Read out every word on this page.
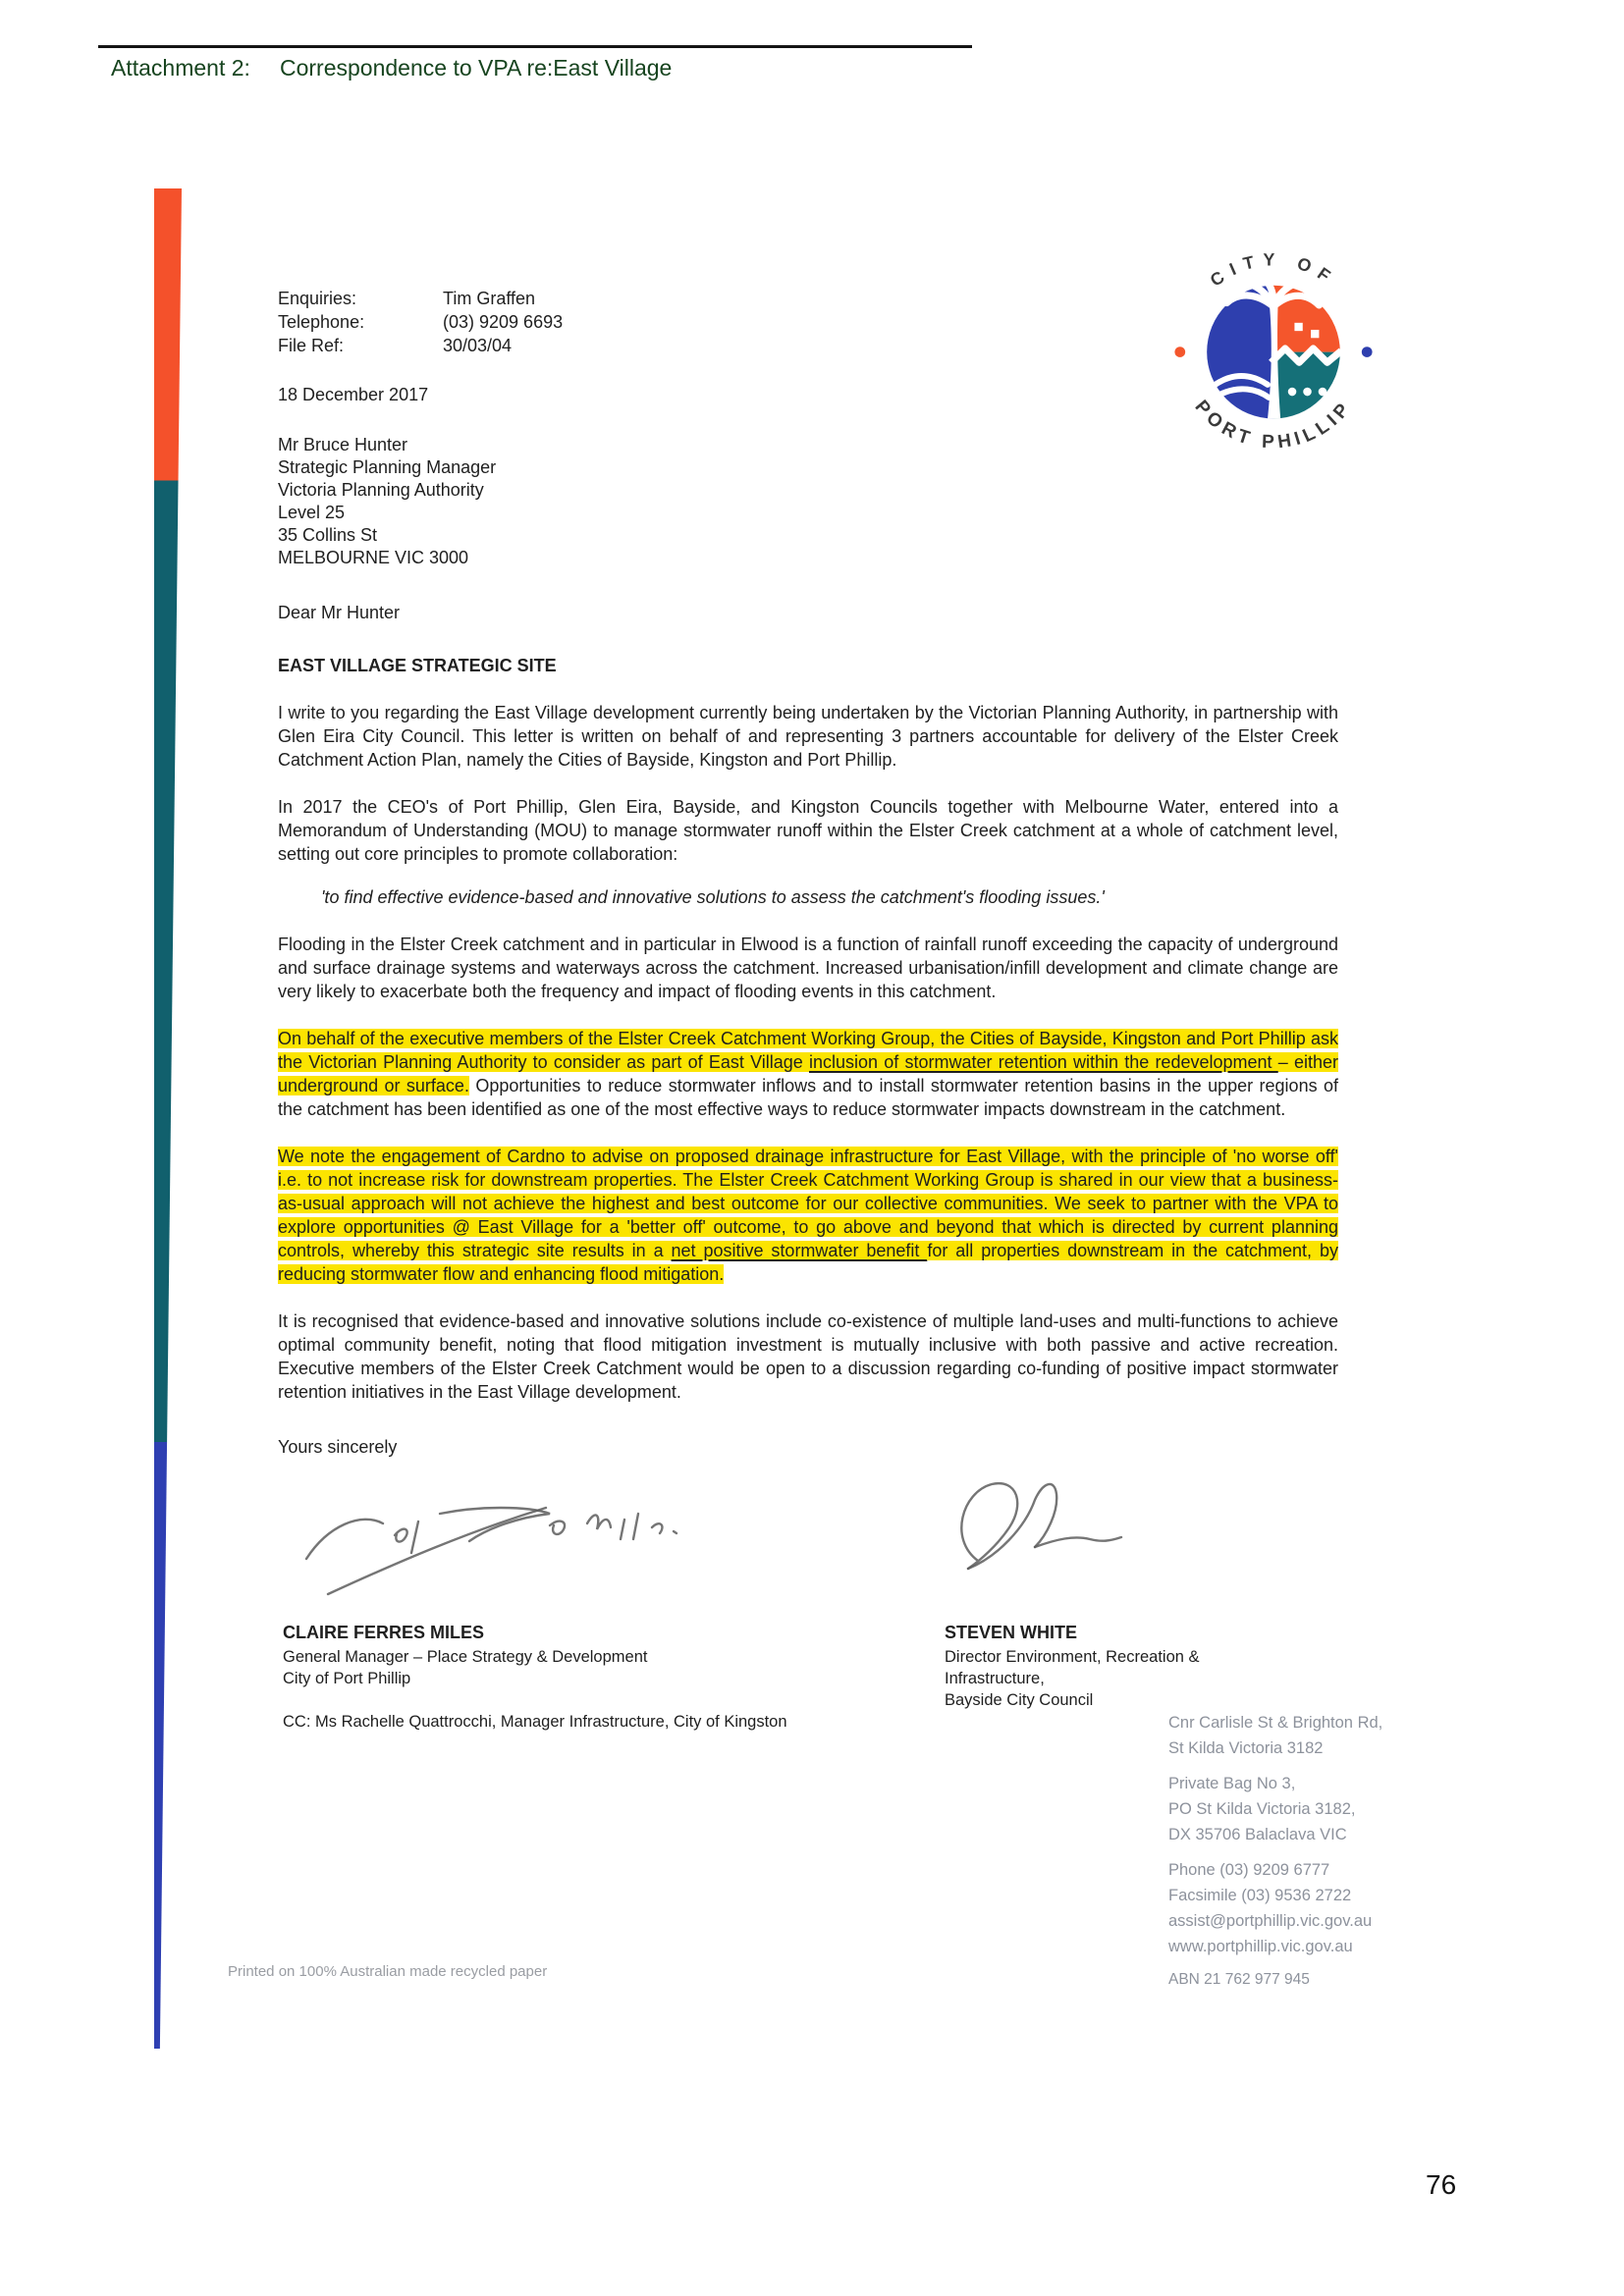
Attachment 2: Correspondence to VPA re:East Village
CITY OF
PORT PHILLIP
Enquiries:	Tim Graffen
Telephone:	(03) 9209 6693
File Ref:	30/03/04
18 December 2017
Mr Bruce Hunter
Strategic Planning Manager
Victoria Planning Authority
Level 25
35 Collins St
MELBOURNE VIC 3000
Dear Mr Hunter
EAST VILLAGE STRATEGIC SITE
I write to you regarding the East Village development currently being undertaken by the Victorian Planning Authority, in partnership with Glen Eira City Council. This letter is written on behalf of and representing 3 partners accountable for delivery of the Elster Creek Catchment Action Plan, namely the Cities of Bayside, Kingston and Port Phillip.
In 2017 the CEO's of Port Phillip, Glen Eira, Bayside, and Kingston Councils together with Melbourne Water, entered into a Memorandum of Understanding (MOU) to manage stormwater runoff within the Elster Creek catchment at a whole of catchment level, setting out core principles to promote collaboration:
'to find effective evidence-based and innovative solutions to assess the catchment's flooding issues.'
Flooding in the Elster Creek catchment and in particular in Elwood is a function of rainfall runoff exceeding the capacity of underground and surface drainage systems and waterways across the catchment. Increased urbanisation/infill development and climate change are very likely to exacerbate both the frequency and impact of flooding events in this catchment.
On behalf of the executive members of the Elster Creek Catchment Working Group, the Cities of Bayside, Kingston and Port Phillip ask the Victorian Planning Authority to consider as part of East Village inclusion of stormwater retention within the redevelopment – either underground or surface. Opportunities to reduce stormwater inflows and to install stormwater retention basins in the upper regions of the catchment has been identified as one of the most effective ways to reduce stormwater impacts downstream in the catchment.
We note the engagement of Cardno to advise on proposed drainage infrastructure for East Village, with the principle of 'no worse off' i.e. to not increase risk for downstream properties. The Elster Creek Catchment Working Group is shared in our view that a business-as-usual approach will not achieve the highest and best outcome for our collective communities. We seek to partner with the VPA to explore opportunities @ East Village for a 'better off' outcome, to go above and beyond that which is directed by current planning controls, whereby this strategic site results in a net positive stormwater benefit for all properties downstream in the catchment, by reducing stormwater flow and enhancing flood mitigation.
It is recognised that evidence-based and innovative solutions include co-existence of multiple land-uses and multi-functions to achieve optimal community benefit, noting that flood mitigation investment is mutually inclusive with both passive and active recreation. Executive members of the Elster Creek Catchment would be open to a discussion regarding co-funding of positive impact stormwater retention initiatives in the East Village development.
Yours sincerely
CLAIRE FERRES MILES
General Manager – Place Strategy & Development
City of Port Phillip
STEVEN WHITE
Director Environment, Recreation &
Infrastructure,
Bayside City Council
CC: Ms Rachelle Quattrocchi, Manager Infrastructure, City of Kingston	Cnr Carlisle St & Brighton Rd,
St Kilda Victoria 3182
Private Bag No 3,
PO St Kilda Victoria 3182,
DX 35706 Balaclava VIC
Phone (03) 9209 6777
Facsimile (03) 9536 2722
assist@portphillip.vic.gov.au
www.portphillip.vic.gov.au
ABN 21 762 977 945
Printed on 100% Australian made recycled paper
76
